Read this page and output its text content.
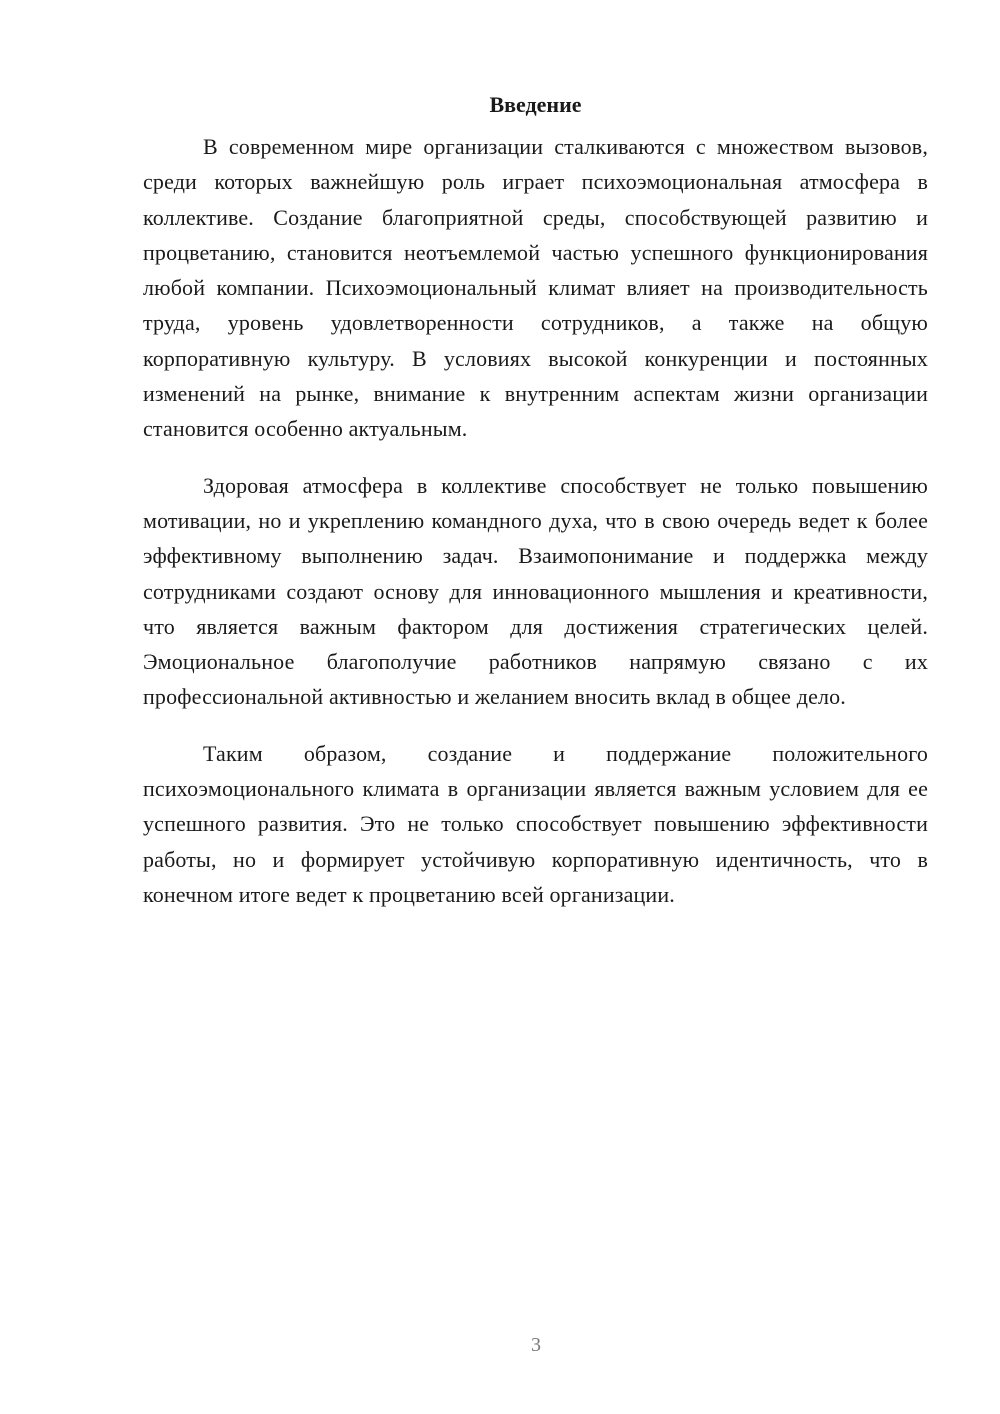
Введение

В современном мире организации сталкиваются с множеством вызовов, среди которых важнейшую роль играет психоэмоциональная атмосфера в коллективе. Создание благоприятной среды, способствующей развитию и процветанию, становится неотъемлемой частью успешного функционирования любой компании. Психоэмоциональный климат влияет на производительность труда, уровень удовлетворенности сотрудников, а также на общую корпоративную культуру. В условиях высокой конкуренции и постоянных изменений на рынке, внимание к внутренним аспектам жизни организации становится особенно актуальным.

Здоровая атмосфера в коллективе способствует не только повышению мотивации, но и укреплению командного духа, что в свою очередь ведет к более эффективному выполнению задач. Взаимопонимание и поддержка между сотрудниками создают основу для инновационного мышления и креативности, что является важным фактором для достижения стратегических целей. Эмоциональное благополучие работников напрямую связано с их профессиональной активностью и желанием вносить вклад в общее дело.

Таким образом, создание и поддержание положительного психоэмоционального климата в организации является важным условием для ее успешного развития. Это не только способствует повышению эффективности работы, но и формирует устойчивую корпоративную идентичность, что в конечном итоге ведет к процветанию всей организации.

3
